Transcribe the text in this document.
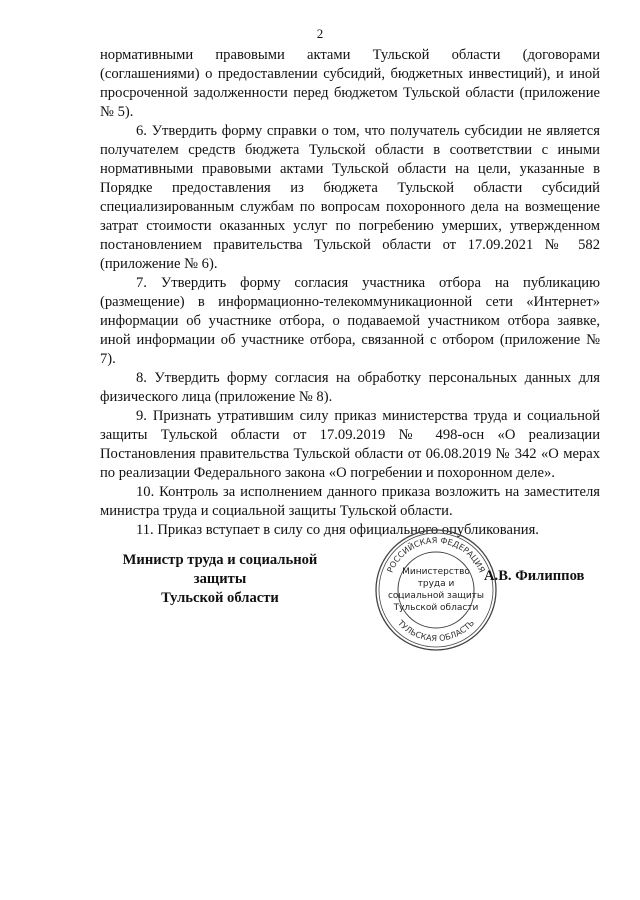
2

нормативными правовыми актами Тульской области (договорами (соглашениями) о предоставлении субсидий, бюджетных инвестиций), и иной просроченной задолженности перед бюджетом Тульской области (приложение № 5).

6. Утвердить форму справки о том, что получатель субсидии не является получателем средств бюджета Тульской области в соответствии с иными нормативными правовыми актами Тульской области на цели, указанные в Порядке предоставления из бюджета Тульской области субсидий специализированным службам по вопросам похоронного дела на возмещение затрат стоимости оказанных услуг по погребению умерших, утвержденном постановлением правительства Тульской области от 17.09.2021 № 582 (приложение № 6).

7. Утвердить форму согласия участника отбора на публикацию (размещение) в информационно-телекоммуникационной сети «Интернет» информации об участнике отбора, о подаваемой участником отбора заявке, иной информации об участнике отбора, связанной с отбором (приложение № 7).

8. Утвердить форму согласия на обработку персональных данных для физического лица (приложение № 8).

9. Признать утратившим силу приказ министерства труда и социальной защиты Тульской области от 17.09.2019 № 498-осн «О реализации Постановления правительства Тульской области от 06.08.2019 № 342 «О мерах по реализации Федерального закона «О погребении и похоронном деле».

10. Контроль за исполнением данного приказа возложить на заместителя министра труда и социальной защиты Тульской области.

11. Приказ вступает в силу со дня официального опубликования.

Министр труда и социальной защиты
Тульской области
РОССИЙСКАЯ ФЕДЕРАЦИЯ
ТУЛЬСКАЯ ОБЛАСТЬ
Министерство
труда и
социальной защиты
Тульской области
А.В. Филиппов
